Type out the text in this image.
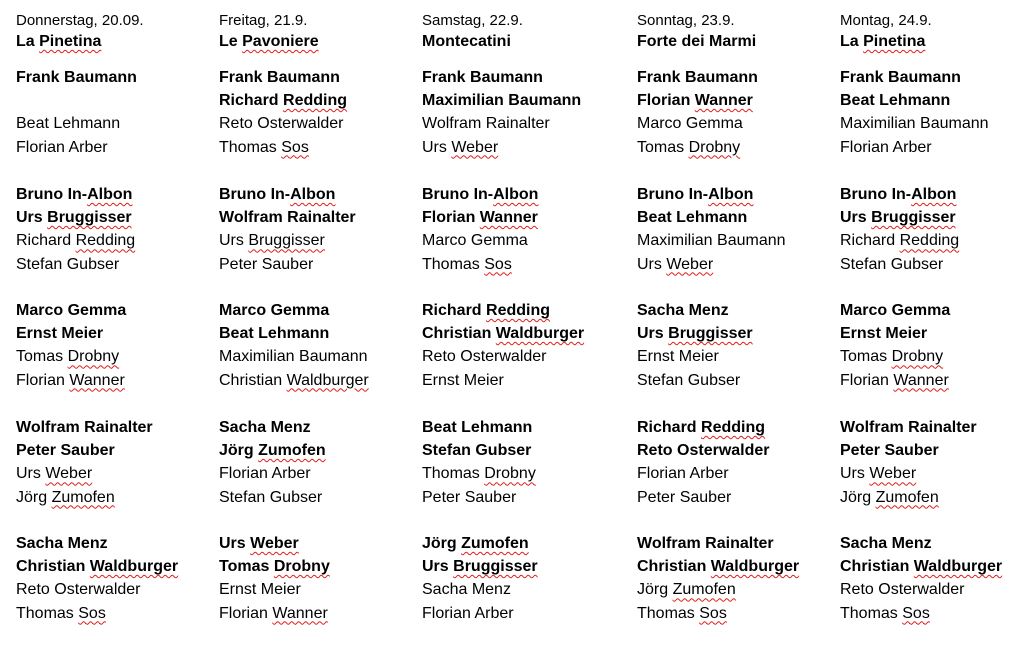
Donnerstag, 20.09.
La Pinetina
Frank Baumann
Beat Lehmann
Florian Arber
Bruno In-Albon
Urs Bruggisser
Richard Redding
Stefan Gubser
Marco Gemma
Ernst Meier
Tomas Drobny
Florian Wanner
Wolfram Rainalter
Peter Sauber
Urs Weber
Jörg Zumofen
Sacha Menz
Christian Waldburger
Reto Osterwalder
Thomas Sos
Freitag, 21.9.
Le Pavoniere
Frank Baumann
Richard Redding
Reto Osterwalder
Thomas Sos
Bruno In-Albon
Wolfram Rainalter
Urs Bruggisser
Peter Sauber
Marco Gemma
Beat Lehmann
Maximilian Baumann
Christian Waldburger
Sacha Menz
Jörg Zumofen
Florian Arber
Stefan Gubser
Urs Weber
Tomas Drobny
Ernst Meier
Florian Wanner
Samstag, 22.9.
Montecatini
Frank Baumann
Maximilian Baumann
Wolfram Rainalter
Urs Weber
Bruno In-Albon
Florian Wanner
Marco Gemma
Thomas Sos
Richard Redding
Christian Waldburger
Reto Osterwalder
Ernst Meier
Beat Lehmann
Stefan Gubser
Thomas Drobny
Peter Sauber
Jörg Zumofen
Urs Bruggisser
Sacha Menz
Florian Arber
Sonntag, 23.9.
Forte dei Marmi
Frank Baumann
Florian Wanner
Marco Gemma
Tomas Drobny
Bruno In-Albon
Beat Lehmann
Maximilian Baumann
Urs Weber
Sacha Menz
Urs Bruggisser
Ernst Meier
Stefan Gubser
Richard Redding
Reto Osterwalder
Florian Arber
Peter Sauber
Wolfram Rainalter
Christian Waldburger
Jörg Zumofen
Thomas Sos
Montag, 24.9.
La Pinetina
Frank Baumann
Beat Lehmann
Maximilian Baumann
Florian Arber
Bruno In-Albon
Urs Bruggisser
Richard Redding
Stefan Gubser
Marco Gemma
Ernst Meier
Tomas Drobny
Florian Wanner
Wolfram Rainalter
Peter Sauber
Urs Weber
Jörg Zumofen
Sacha Menz
Christian Waldburger
Reto Osterwalder
Thomas Sos
